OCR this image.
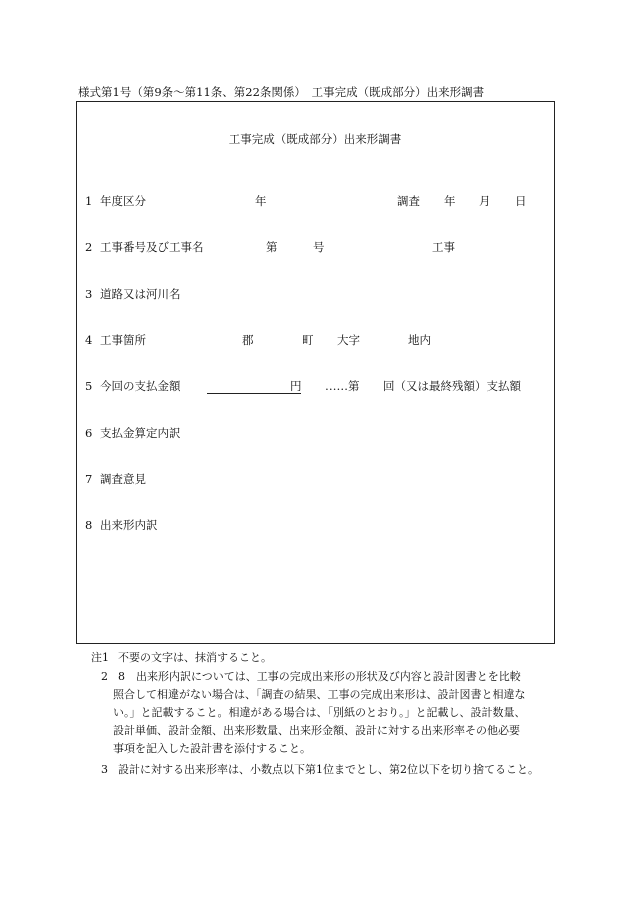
様式第1号（第9条～第11条、第22条関係）　工事完成（既成部分）出来形調書
工事完成（既成部分）出来形調書
1 年度区分	年	調査 年 月 日
2 工事番号及び工事名	第	号	工事
3 道路又は河川名
4 工事箇所	郡	町 大字	地内
5 今回の支払金額	円 ……第 回（又は最終残額）支払額
6 支払金算定内訳
7 調査意見
8 出来形内訳
注1 不要の文字は、抹消すること。
2 8　出来形内訳については、工事の完成出来形の形状及び内容と設計図書とを比較
照合して相違がない場合は、「調査の結果、工事の完成出来形は、設計図書と相違な
い。」と記載すること。相違がある場合は、「別紙のとおり。」と記載し、設計数量、
設計単価、設計金額、出来形数量、出来形金額、設計に対する出来形率その他必要
事項を記入した設計書を添付すること。
3 設計に対する出来形率は、小数点以下第1位までとし、第2位以下を切り捨てること。
